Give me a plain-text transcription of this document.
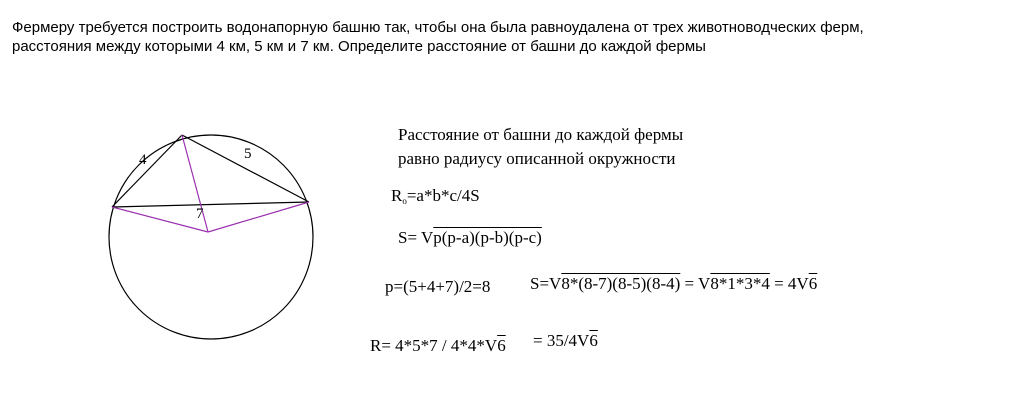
Фермеру требуется построить водонапорную башню так, чтобы она была равноудалена от трех животноводческих ферм,
расстояния между которыми 4 км, 5 км и 7 км. Определите расстояние от башни до каждой фермы
4	5
7
Расстояние от башни до каждой фермы
равно радиусу описанной окружности
Rо=a*b*c/4S
S= Vp(p-a)(p-b)(p-c)
p=(5+4+7)/2=8 S=V8*(8-7)(8-5)(8-4) = V8*1*3*4 = 4V6
R= 4*5*7 / 4*4*V6 = 35/4V6
